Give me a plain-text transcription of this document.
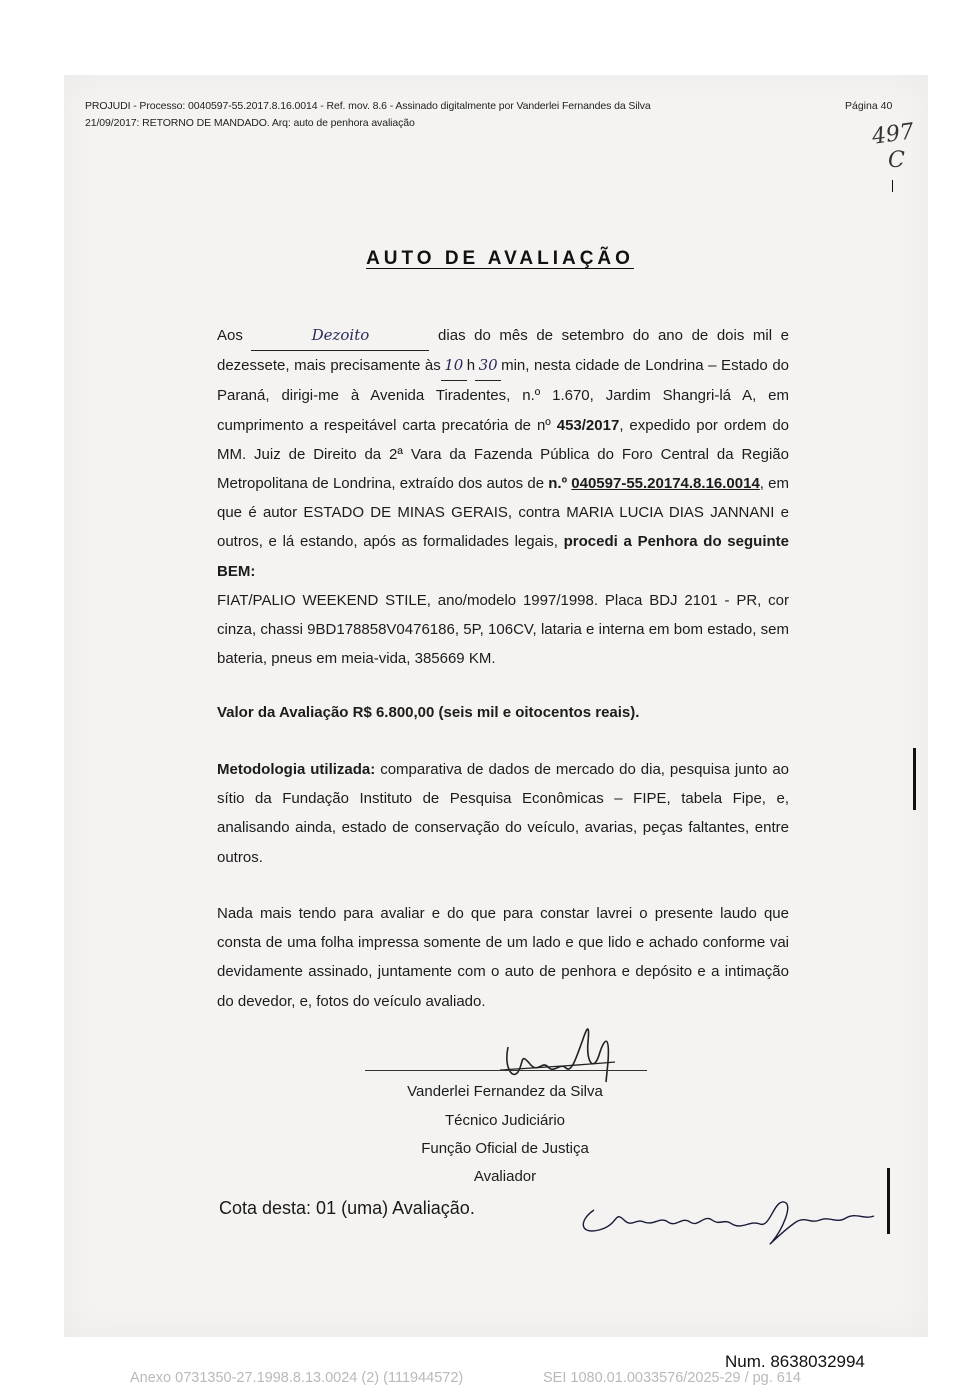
PROJUDI - Processo: 0040597-55.2017.8.16.0014 - Ref. mov. 8.6 - Assinado digitalmente por Vanderlei Fernandes da Silva
21/09/2017: RETORNO DE MANDADO. Arq: auto de penhora avaliação
Página 40
497
C
AUTO DE AVALIAÇÃO
Aos	Dezoito	dias do mês de setembro do ano de dois mil e dezessete, mais precisamente às 10 h 30 min, nesta cidade de Londrina – Estado do Paraná, dirigi-me à Avenida Tiradentes, n.º 1.670, Jardim Shangri-lá A, em cumprimento a respeitável carta precatória de nº 453/2017, expedido por ordem do MM. Juiz de Direito da 2ª Vara da Fazenda Pública do Foro Central da Região Metropolitana de Londrina, extraído dos autos de n.º 040597-55.20174.8.16.0014, em que é autor ESTADO DE MINAS GERAIS, contra MARIA LUCIA DIAS JANNANI e outros, e lá estando, após as formalidades legais, procedi a Penhora do seguinte BEM:
FIAT/PALIO WEEKEND STILE, ano/modelo 1997/1998. Placa BDJ 2101 - PR, cor cinza, chassi 9BD178858V0476186, 5P, 106CV, lataria e interna em bom estado, sem bateria, pneus em meia-vida, 385669 KM.
Valor da Avaliação R$ 6.800,00 (seis mil e oitocentos reais).
Metodologia utilizada: comparativa de dados de mercado do dia, pesquisa junto ao sítio da Fundação Instituto de Pesquisa Econômicas – FIPE, tabela Fipe, e, analisando ainda, estado de conservação do veículo, avarias, peças faltantes, entre outros.
Nada mais tendo para avaliar e do que para constar lavrei o presente laudo que consta de uma folha impressa somente de um lado e que lido e achado conforme vai devidamente assinado, juntamente com o auto de penhora e depósito e a intimação do devedor, e, fotos do veículo avaliado.
Vanderlei Fernandez da Silva
Técnico Judiciário
Função Oficial de Justiça
Avaliador
Cota desta: 01 (uma) Avaliação.
Num. 8638032994
Anexo 0731350-27.1998.8.13.0024 (2) (111944572)	SEI 1080.01.0033576/2025-29 / pg. 614
